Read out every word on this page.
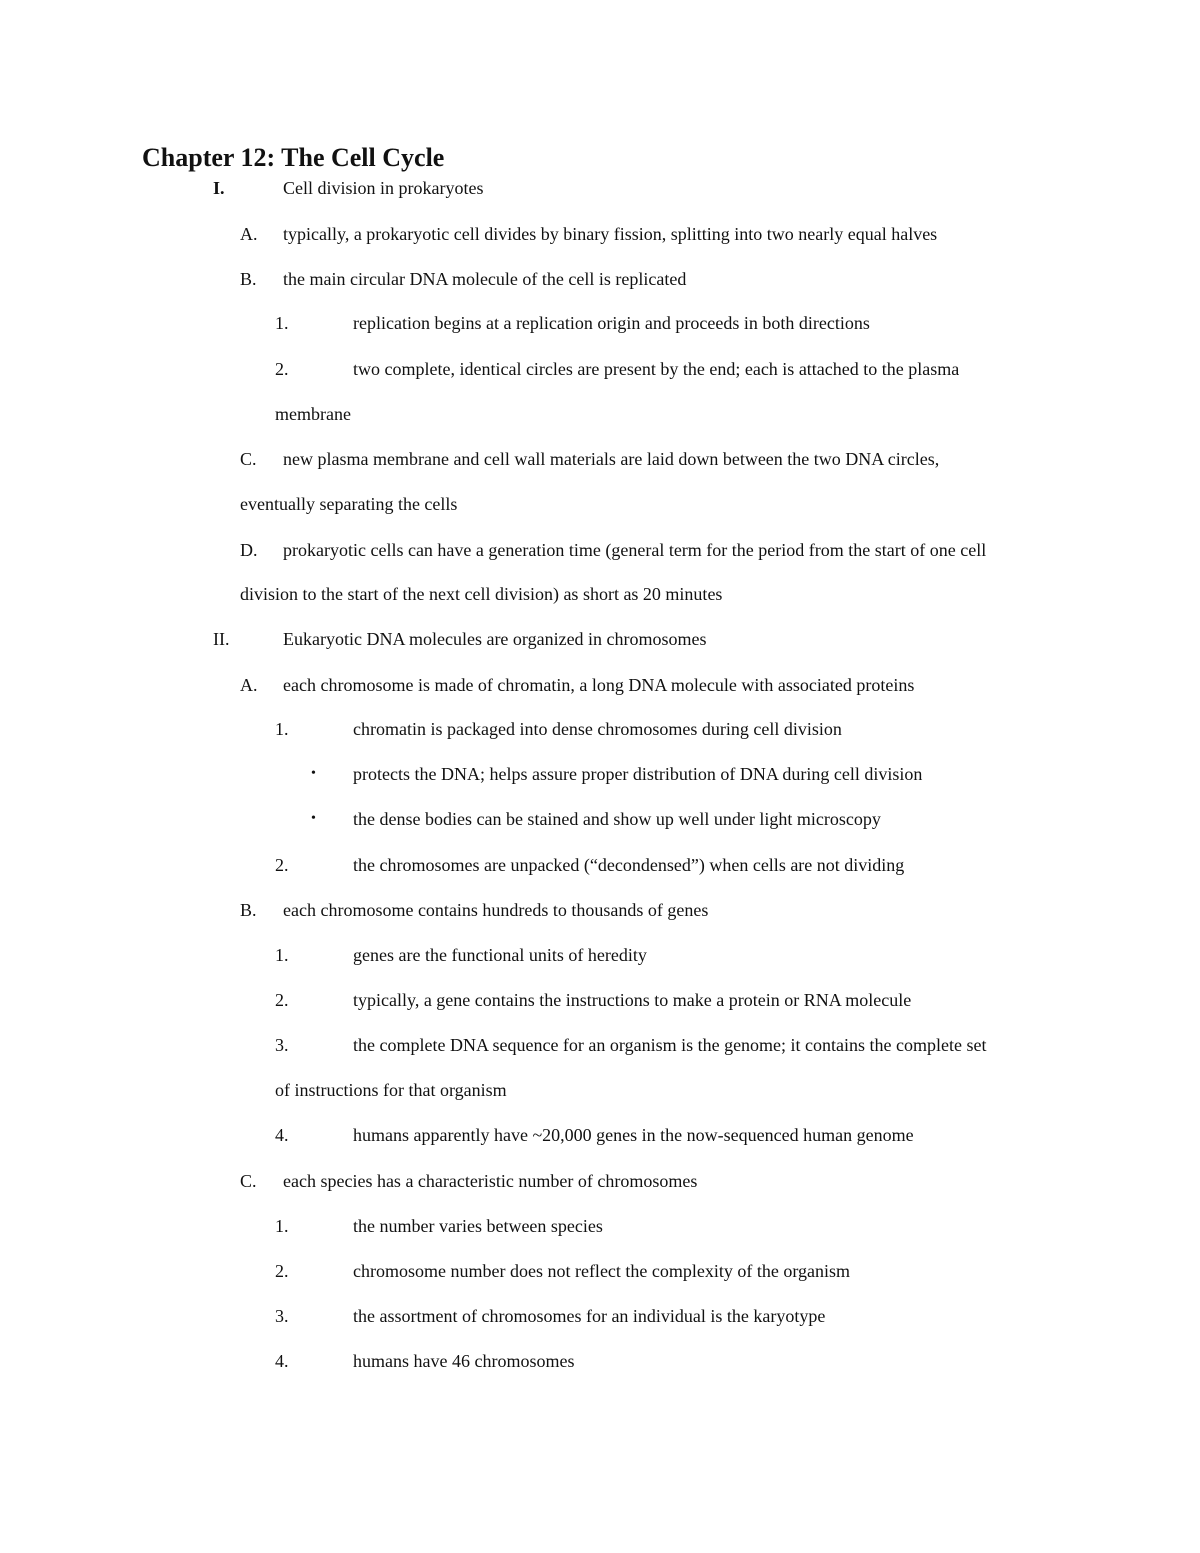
Chapter 12: The Cell Cycle
I.	Cell division in prokaryotes
A. typically, a prokaryotic cell divides by binary fission, splitting into two nearly equal halves
B. the main circular DNA molecule of the cell is replicated
1.	replication begins at a replication origin and proceeds in both directions
2.	two complete, identical circles are present by the end; each is attached to the plasma
membrane
C. new plasma membrane and cell wall materials are laid down between the two DNA circles,
eventually separating the cells
D. prokaryotic cells can have a generation time (general term for the period from the start of one cell
division to the start of the next cell division) as short as 20 minutes
II.	Eukaryotic DNA molecules are organized in chromosomes
A. each chromosome is made of chromatin, a long DNA molecule with associated proteins
1.	chromatin is packaged into dense chromosomes during cell division
• protects the DNA; helps assure proper distribution of DNA during cell division
• the dense bodies can be stained and show up well under light microscopy
2.	the chromosomes are unpacked (“decondensed”) when cells are not dividing
B. each chromosome contains hundreds to thousands of genes
1.	genes are the functional units of heredity
2.	typically, a gene contains the instructions to make a protein or RNA molecule
3.	the complete DNA sequence for an organism is the genome; it contains the complete set
of instructions for that organism
4.	humans apparently have ~20,000 genes in the now-sequenced human genome
C. each species has a characteristic number of chromosomes
1.	the number varies between species
2.	chromosome number does not reflect the complexity of the organism
3.	the assortment of chromosomes for an individual is the karyotype
4.	humans have 46 chromosomes
